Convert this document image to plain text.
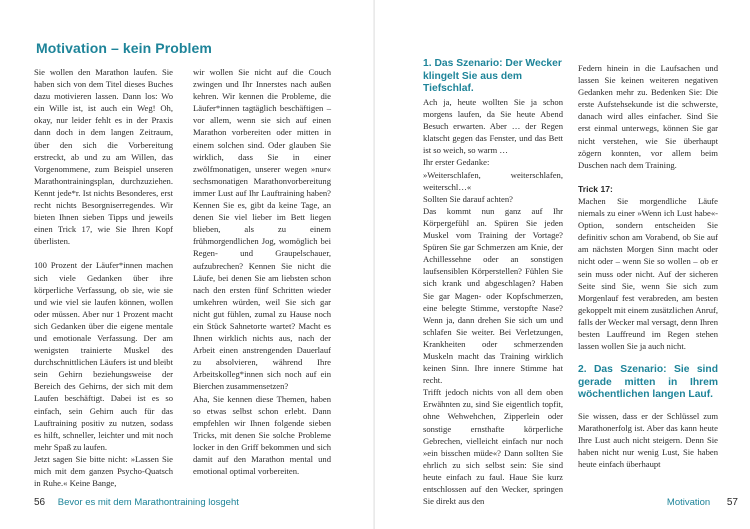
Motivation – kein Problem

Sie wollen den Marathon laufen. Sie haben sich von dem Titel dieses Buches dazu motivieren lassen. Dann los: Wo ein Wille ist, ist auch ein Weg! Oh, okay, nur leider fehlt es in der Praxis dann doch in dem langen Zeitraum, über den sich die Vorbereitung erstreckt, ab und zu am Willen, das Vorgenommene, zum Beispiel unseren Marathontrainingsplan, durchzuziehen. Kennt jede*r. Ist nichts Besonderes, erst recht nichts Besorgniserregendes. Wir bieten Ihnen sieben Tipps und jeweils einen Trick 17, wie Sie Ihren Kopf überlisten.

100 Prozent der Läufer*innen machen sich viele Gedanken über ihre körperliche Verfassung, ob sie, wie sie und wie viel sie laufen können, wollen oder müssen. Aber nur 1 Prozent macht sich Gedanken über die eigene mentale und emotionale Verfassung. Der am wenigsten trainierte Muskel des durchschnittlichen Läufers ist und bleibt sein Gehirn beziehungsweise der Bereich des Gehirns, der sich mit dem Laufen beschäftigt. Dabei ist es so einfach, sein Gehirn auch für das Lauftraining positiv zu nutzen, sodass es hilft, schneller, leichter und mit noch mehr Spaß zu laufen.

Jetzt sagen Sie bitte nicht: »Lassen Sie mich mit dem ganzen Psycho-Quatsch in Ruhe.« Keine Bange,

wir wollen Sie nicht auf die Couch zwingen und Ihr Innerstes nach außen kehren. Wir kennen die Probleme, die Läufer*innen tagtäglich beschäftigen – vor allem, wenn sie sich auf einen Marathon vorbereiten oder mitten in einem solchen sind. Oder glauben Sie wirklich, dass Sie in einer zwölfmonatigen, unserer wegen »nur« sechsmonatigen Marathonvorbereitung immer Lust auf Ihr Lauftraining haben? Kennen Sie es, gibt da keine Tage, an denen Sie viel lieber im Bett liegen blieben, als zu einem frühmorgendlichen Jog, womöglich bei Regen- und Graupelschauer, aufzubrechen? Kennen Sie nicht die Läufe, bei denen Sie am liebsten schon nach den ersten fünf Schritten wieder umkehren würden, weil Sie sich gar nicht gut fühlen, zumal zu Hause noch ein Stück Sahnetorte wartet? Macht es Ihnen wirklich nichts aus, nach der Arbeit einen anstrengenden Dauerlauf zu absolvieren, während Ihre Arbeitskolleg*innen sich noch auf ein Bierchen zusammensetzen?

Aha, Sie kennen diese Themen, haben so etwas selbst schon erlebt. Dann empfehlen wir Ihnen folgende sieben Tricks, mit denen Sie solche Probleme locker in den Griff bekommen und sich damit auf den Marathon mental und emotional optimal vorbereiten.

56 Bevor es mit dem Marathontraining losgeht
1. Das Szenario: Der Wecker klingelt Sie aus dem Tiefschlaf.

Ach ja, heute wollten Sie ja schon morgens laufen, da Sie heute Abend Besuch erwarten. Aber … der Regen klatscht gegen das Fenster, und das Bett ist so weich, so warm …

Ihr erster Gedanke:

»Weiterschlafen, weiterschlafen, weiterschl…«

Sollten Sie darauf achten?

Das kommt nun ganz auf Ihr Körpergefühl an. Spüren Sie jeden Muskel vom Training der Vortage? Spüren Sie gar Schmerzen am Knie, der Achillessehne oder an sonstigen laufsensiblen Körperstellen? Fühlen Sie sich krank und abgeschlagen? Haben Sie gar Magen- oder Kopfschmerzen, eine belegte Stimme, verstopfte Nase? Wenn ja, dann drehen Sie sich um und schlafen Sie weiter. Bei Verletzungen, Krankheiten oder schmerzenden Muskeln macht das Training wirklich keinen Sinn. Ihre innere Stimme hat recht.

Trifft jedoch nichts von all dem oben Erwähnten zu, sind Sie eigentlich topfit, ohne Wehwehchen, Zipperlein oder sonstige ernsthafte körperliche Gebrechen, vielleicht einfach nur noch »ein bisschen müde«? Dann sollten Sie ehrlich zu sich selbst sein: Sie sind heute einfach zu faul. Haue Sie kurz entschlossen auf den Wecker, springen Sie direkt aus den

Federn hinein in die Laufsachen und lassen Sie keinen weiteren negativen Gedanken mehr zu. Bedenken Sie: Die erste Aufstehsekunde ist die schwerste, danach wird alles einfacher. Sind Sie erst einmal unterwegs, können Sie gar nicht verstehen, wie Sie überhaupt zögern konnten, vor allem beim Duschen nach dem Training.

Trick 17:

Machen Sie morgendliche Läufe niemals zu einer »Wenn ich Lust habe«-Option, sondern entscheiden Sie definitiv schon am Vorabend, ob Sie auf am nächsten Morgen Sinn macht oder nicht oder – wenn Sie so wollen – ob er sein muss oder nicht. Auf der sicheren Seite sind Sie, wenn Sie sich zum Morgenlauf fest verabreden, am besten gekoppelt mit einem zusätzlichen Anruf, falls der Wecker mal versagt, denn Ihren besten Lauffreund im Regen stehen lassen wollen Sie ja auch nicht.

2. Das Szenario: Sie sind gerade mitten in Ihrem wöchentlichen langen Lauf.

Sie wissen, dass er der Schlüssel zum Marathonerfolg ist. Aber das kann heute Ihre Lust auch nicht steigern. Denn Sie haben nicht nur wenig Lust, Sie haben heute einfach überhaupt

Motivation 57
